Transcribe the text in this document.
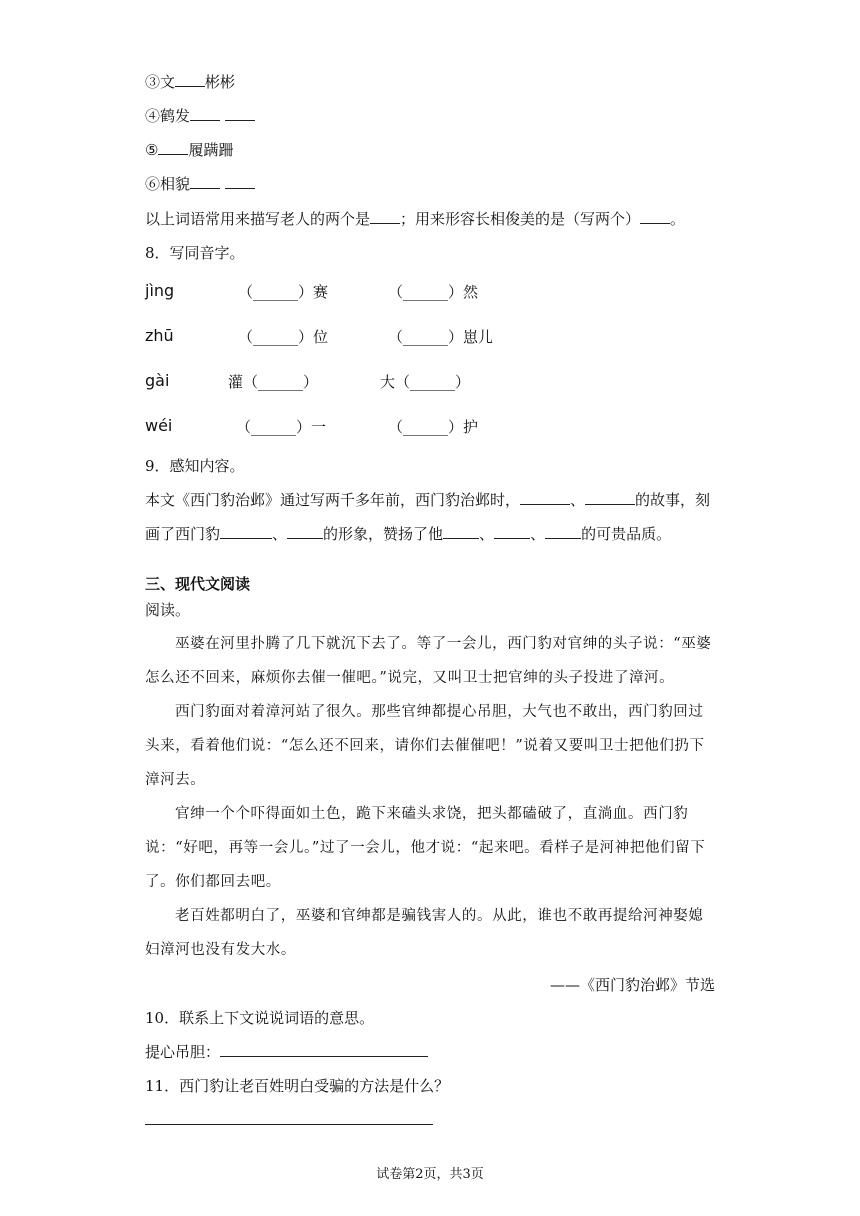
③文 彬彬
④鹤发
⑤ 履蹒跚
⑥相貌
以上词语常用来描写老人的两个是 ；用来形容长相俊美的是（写两个） 。
8．写同音字。
jìng	（______）赛	（______）然
zhū	（______）位	（______）崽儿
gài	灌（______）	大（______）
wéi	（______）一	（______）护
9．感知内容。
本文《西门豹治邺》通过写两千多年前，西门豹治邺时，	、	的故事，刻
画了西门豹	、 的形象，赞扬了他 、 、 的可贵品质。
三、现代文阅读
阅读。
巫婆在河里扑腾了几下就沉下去了。等了一会儿，西门豹对官绅的头子说：“巫婆怎么还不回来，麻烦你去催一催吧。”说完，又叫卫士把官绅的头子投进了漳河。
西门豹面对着漳河站了很久。那些官绅都提心吊胆，大气也不敢出，西门豹回过头来，看着他们说：“怎么还不回来，请你们去催催吧！”说着又要叫卫士把他们扔下漳河去。
官绅一个个吓得面如土色，跪下来磕头求饶，把头都磕破了，直淌血。西门豹说：“好吧，再等一会儿。”过了一会儿，他才说：“起来吧。看样子是河神把他们留下了。你们都回去吧。
老百姓都明白了，巫婆和官绅都是骗钱害人的。从此，谁也不敢再提给河神娶媳妇漳河也没有发大水。
——《西门豹治邺》节选
10．联系上下文说说词语的意思。
提心吊胆：
11．西门豹让老百姓明白受骗的方法是什么？
试卷第2页，共3页
